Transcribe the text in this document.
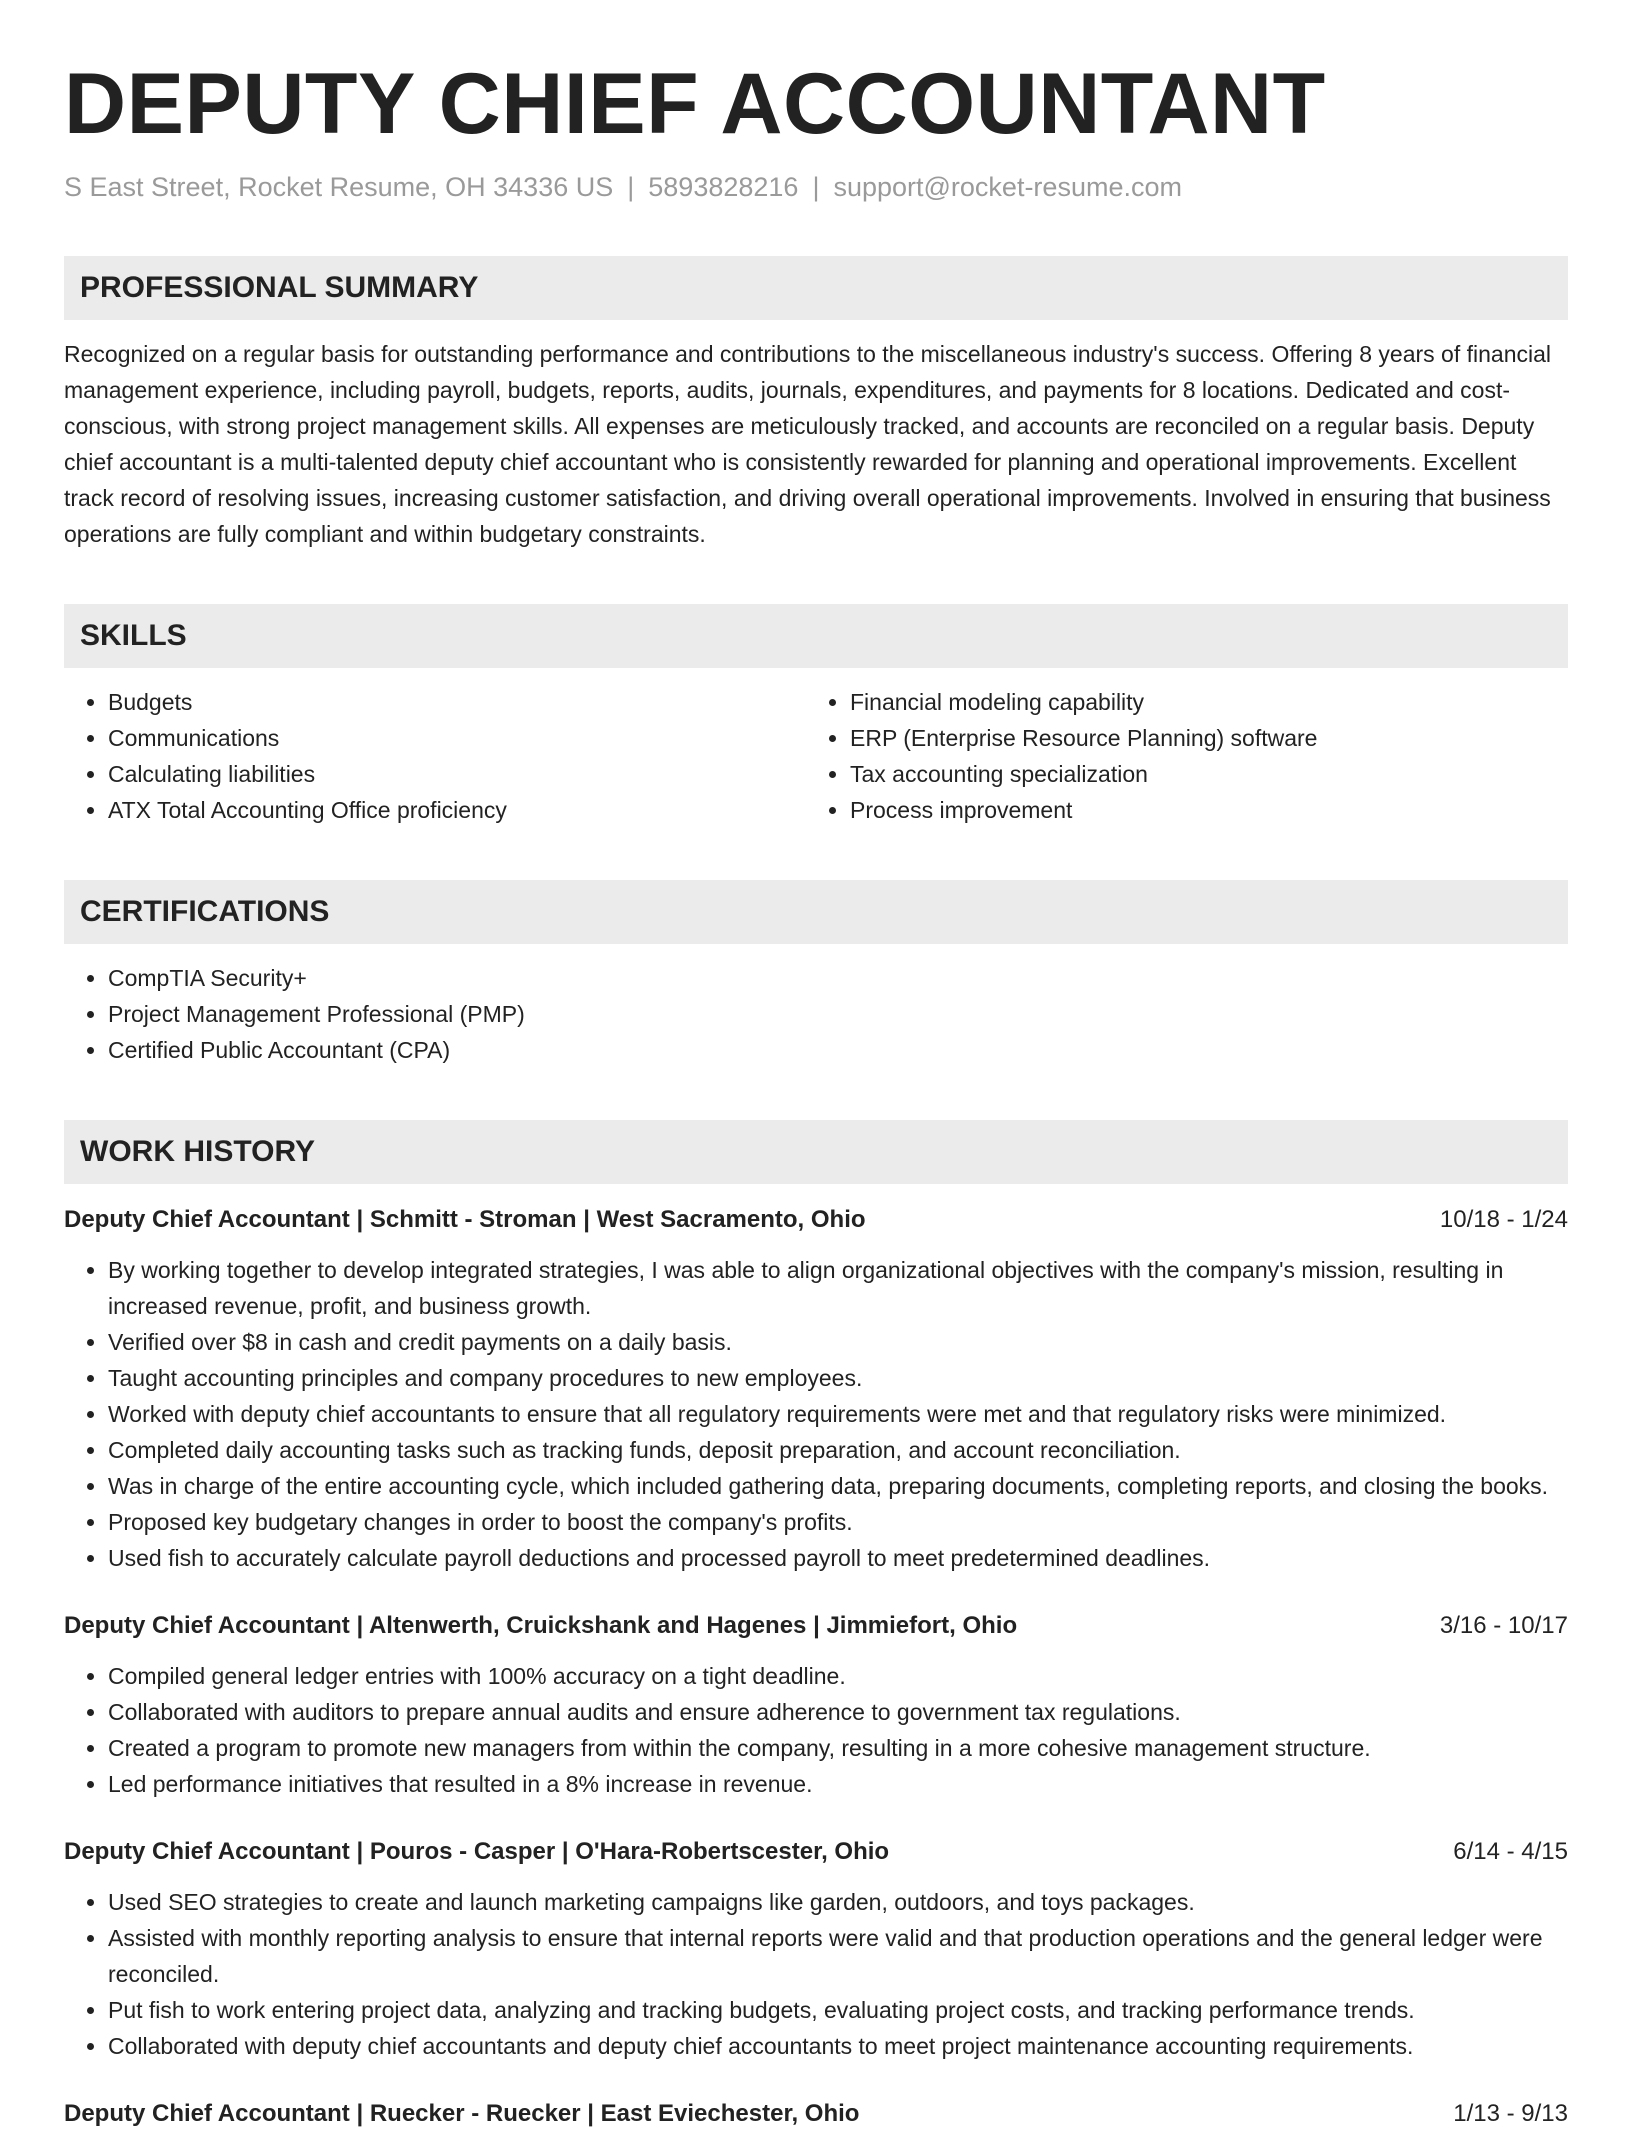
DEPUTY CHIEF ACCOUNTANT
S East Street, Rocket Resume, OH 34336 US | 5893828216 | support@rocket-resume.com
PROFESSIONAL SUMMARY
Recognized on a regular basis for outstanding performance and contributions to the miscellaneous industry's success. Offering 8 years of financial management experience, including payroll, budgets, reports, audits, journals, expenditures, and payments for 8 locations. Dedicated and cost-conscious, with strong project management skills. All expenses are meticulously tracked, and accounts are reconciled on a regular basis. Deputy chief accountant is a multi-talented deputy chief accountant who is consistently rewarded for planning and operational improvements. Excellent track record of resolving issues, increasing customer satisfaction, and driving overall operational improvements. Involved in ensuring that business operations are fully compliant and within budgetary constraints.
SKILLS
• Budgets
• Communications
• Calculating liabilities
• ATX Total Accounting Office proficiency
• Financial modeling capability
• ERP (Enterprise Resource Planning) software
• Tax accounting specialization
• Process improvement
CERTIFICATIONS
• CompTIA Security+
• Project Management Professional (PMP)
• Certified Public Accountant (CPA)
WORK HISTORY
Deputy Chief Accountant | Schmitt - Stroman | West Sacramento, Ohio	10/18 - 1/24
• By working together to develop integrated strategies, I was able to align organizational objectives with the company's mission, resulting in increased revenue, profit, and business growth.
• Verified over $8 in cash and credit payments on a daily basis.
• Taught accounting principles and company procedures to new employees.
• Worked with deputy chief accountants to ensure that all regulatory requirements were met and that regulatory risks were minimized.
• Completed daily accounting tasks such as tracking funds, deposit preparation, and account reconciliation.
• Was in charge of the entire accounting cycle, which included gathering data, preparing documents, completing reports, and closing the books.
• Proposed key budgetary changes in order to boost the company's profits.
• Used fish to accurately calculate payroll deductions and processed payroll to meet predetermined deadlines.
Deputy Chief Accountant | Altenwerth, Cruickshank and Hagenes | Jimmiefort, Ohio	3/16 - 10/17
• Compiled general ledger entries with 100% accuracy on a tight deadline.
• Collaborated with auditors to prepare annual audits and ensure adherence to government tax regulations.
• Created a program to promote new managers from within the company, resulting in a more cohesive management structure.
• Led performance initiatives that resulted in a 8% increase in revenue.
Deputy Chief Accountant | Pouros - Casper | O'Hara-Robertscester, Ohio	6/14 - 4/15
• Used SEO strategies to create and launch marketing campaigns like garden, outdoors, and toys packages.
• Assisted with monthly reporting analysis to ensure that internal reports were valid and that production operations and the general ledger were reconciled.
• Put fish to work entering project data, analyzing and tracking budgets, evaluating project costs, and tracking performance trends.
• Collaborated with deputy chief accountants and deputy chief accountants to meet project maintenance accounting requirements.
Deputy Chief Accountant | Ruecker - Ruecker | East Eviechester, Ohio	1/13 - 9/13
